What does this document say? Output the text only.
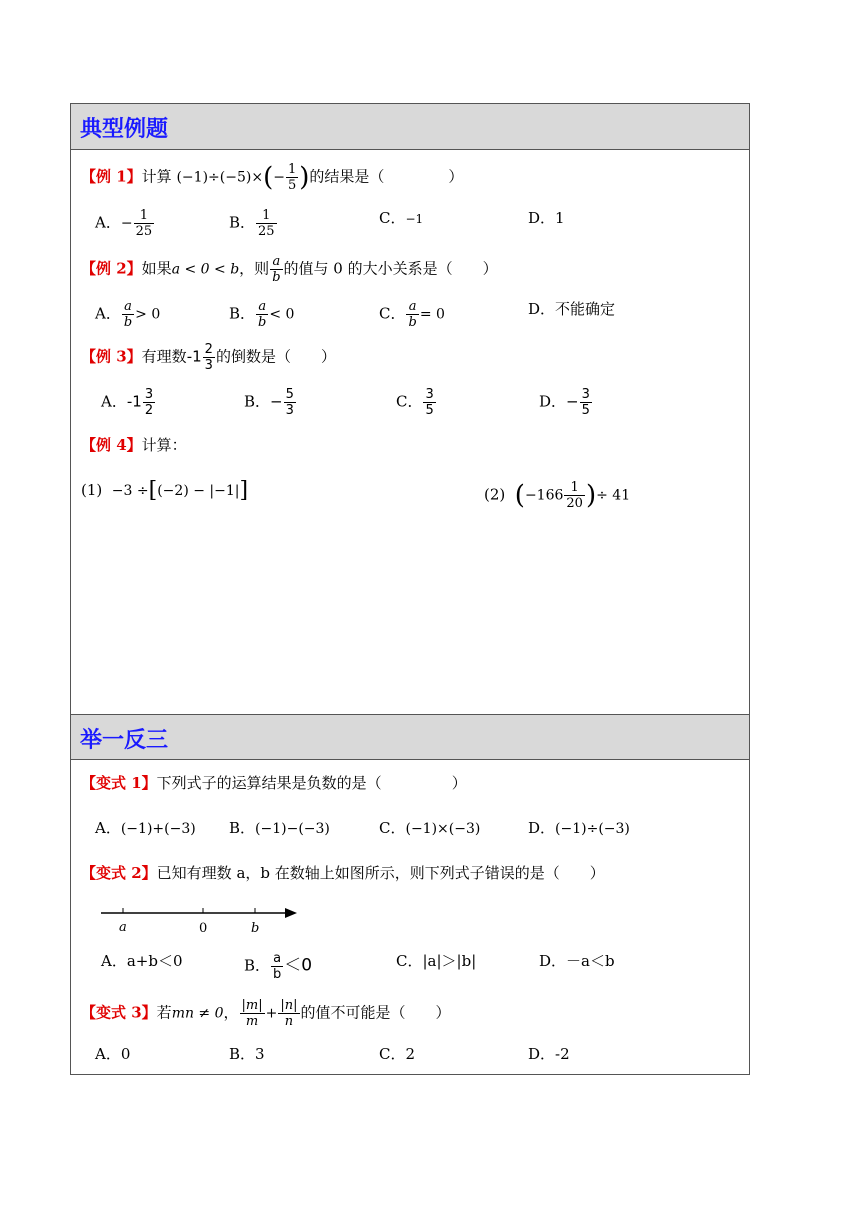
典型例题
【例 1】计算 $(-1)\div(-5)\times(- \frac{1}{5}$ )的结果是（	）
A．− $\frac{1}{25}$	B． $\frac{1}{25}$	C．−1	D．1
【例 2】如果a < 0 < b，则 $\frac{a}{b}$ 的值与 0 的大小关系是（　　）
A． $\frac{a}{b} > 0$	B． $\frac{a}{b} < 0$	C． $\frac{a}{b} = 0$	D．不能确定
【例 3】有理数$-1 \frac{2}{3}$ 的倒数是（　　）
A．$-1 \frac{3}{2}$	B．− $\frac{5}{3}$	C． $\frac{3}{5}$	D．− $\frac{3}{5}$
【例 4】计算：
(1) −3 ÷[(−2) − |−1|]	(2) ($-166 \frac{1}{20}$ )÷ 41
举一反三
【变式 1】下列式子的运算结果是负数的是（	）
A．(−1)+(−3) B．(−1)−(−3)	C．(−1)×(−3)	D．(−1)÷(−3)
【变式 2】已知有理数 a，b 在数轴上如图所示，则下列式子错误的是（　　）
a	0	b
A．a+b＜0	B． $\frac{a}{b} <0$	C．|a|＞|b|	D．－a＜b
【变式 3】若mn ≠ 0， $\frac{|m|}{m} + \frac{|n|}{n}$ 的值不可能是（　　）
A．0	B．3	C．2	D．-2
